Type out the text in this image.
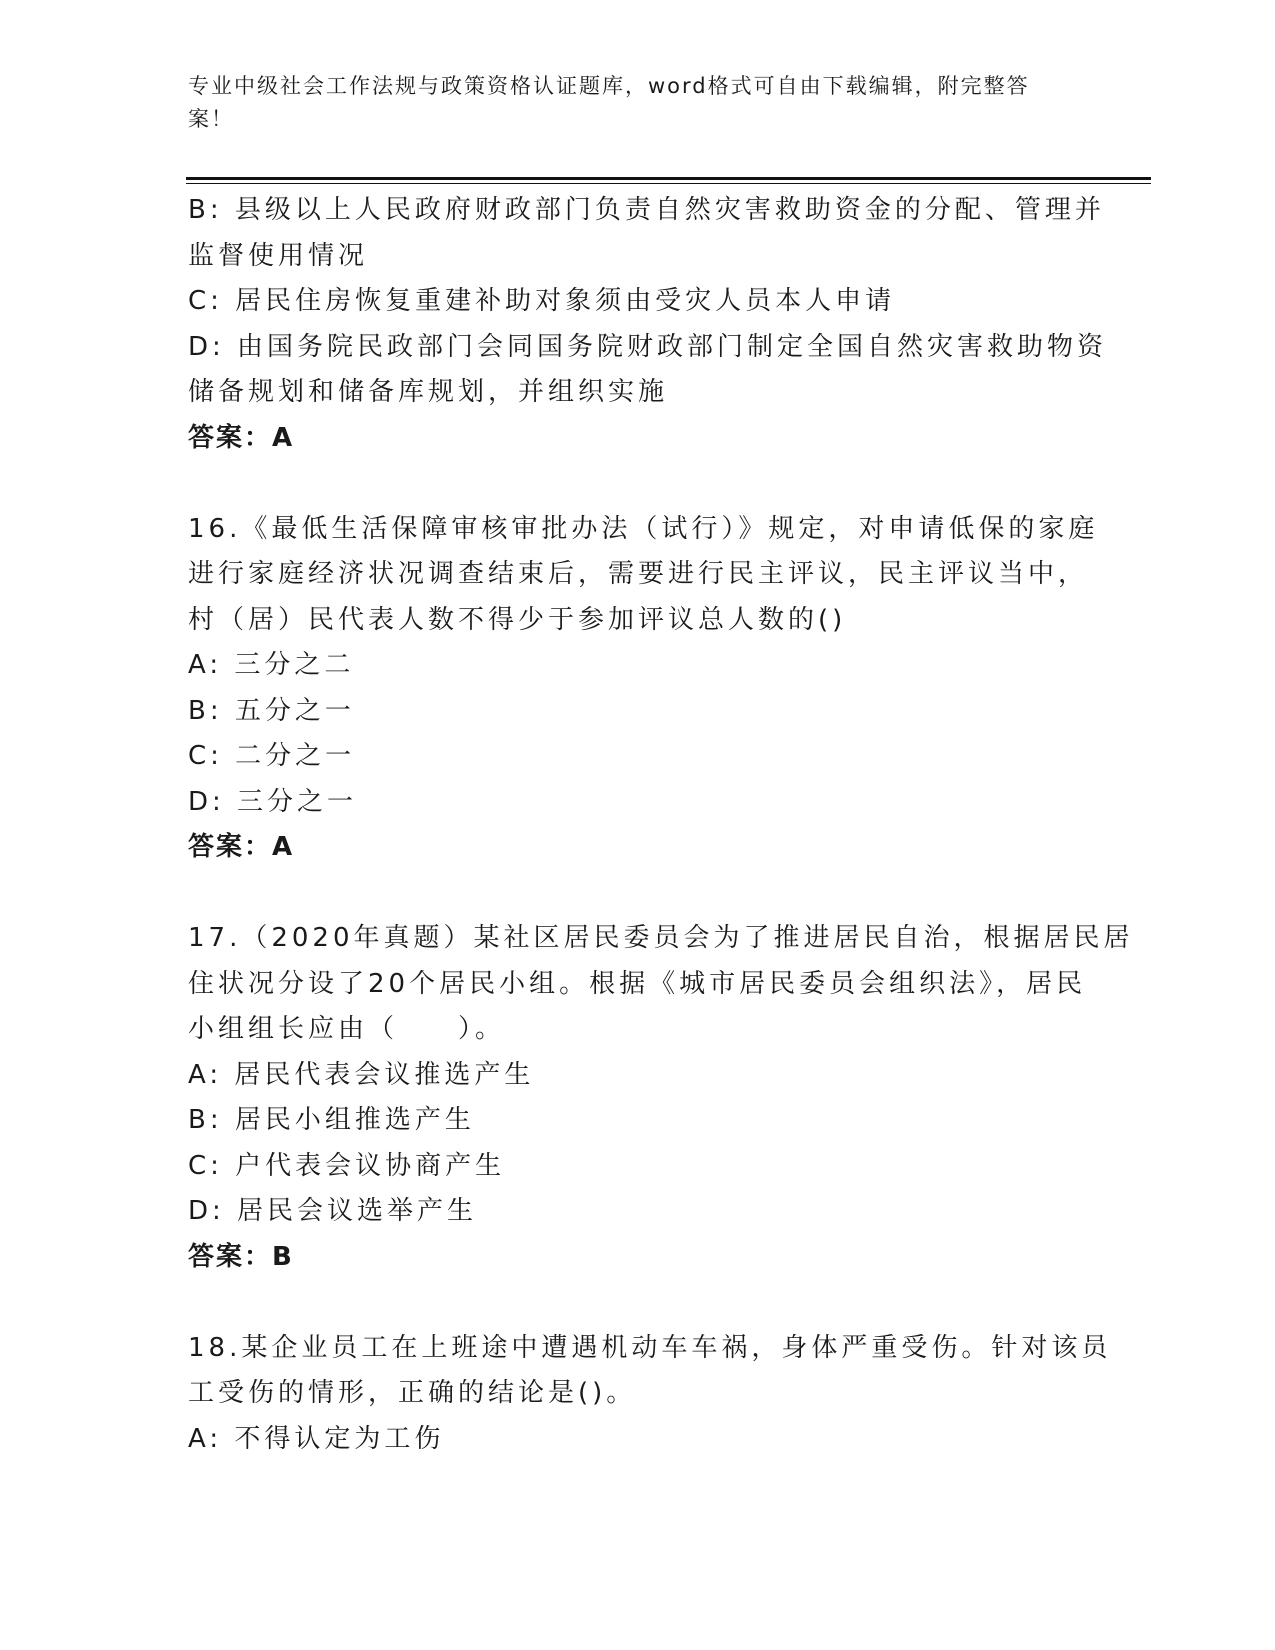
专业中级社会工作法规与政策资格认证题库，word格式可自由下载编辑，附完整答案！
B: 县级以上人民政府财政部门负责自然灾害救助资金的分配、管理并
监督使用情况
C: 居民住房恢复重建补助对象须由受灾人员本人申请
D: 由国务院民政部门会同国务院财政部门制定全国自然灾害救助物资
储备规划和储备库规划，并组织实施
答案：A
16.《最低生活保障审核审批办法（试行）》规定，对申请低保的家庭
进行家庭经济状况调查结束后，需要进行民主评议，民主评议当中，
村（居）民代表人数不得少于参加评议总人数的()
A: 三分之二
B: 五分之一
C: 二分之一
D: 三分之一
答案：A
17.（2020年真题）某社区居民委员会为了推进居民自治，根据居民居
住状况分设了20个居民小组。根据《城市居民委员会组织法》，居民
小组组长应由（　　）。
A: 居民代表会议推选产生
B: 居民小组推选产生
C: 户代表会议协商产生
D: 居民会议选举产生
答案：B
18.某企业员工在上班途中遭遇机动车车祸，身体严重受伤。针对该员
工受伤的情形，正确的结论是()。
A: 不得认定为工伤
